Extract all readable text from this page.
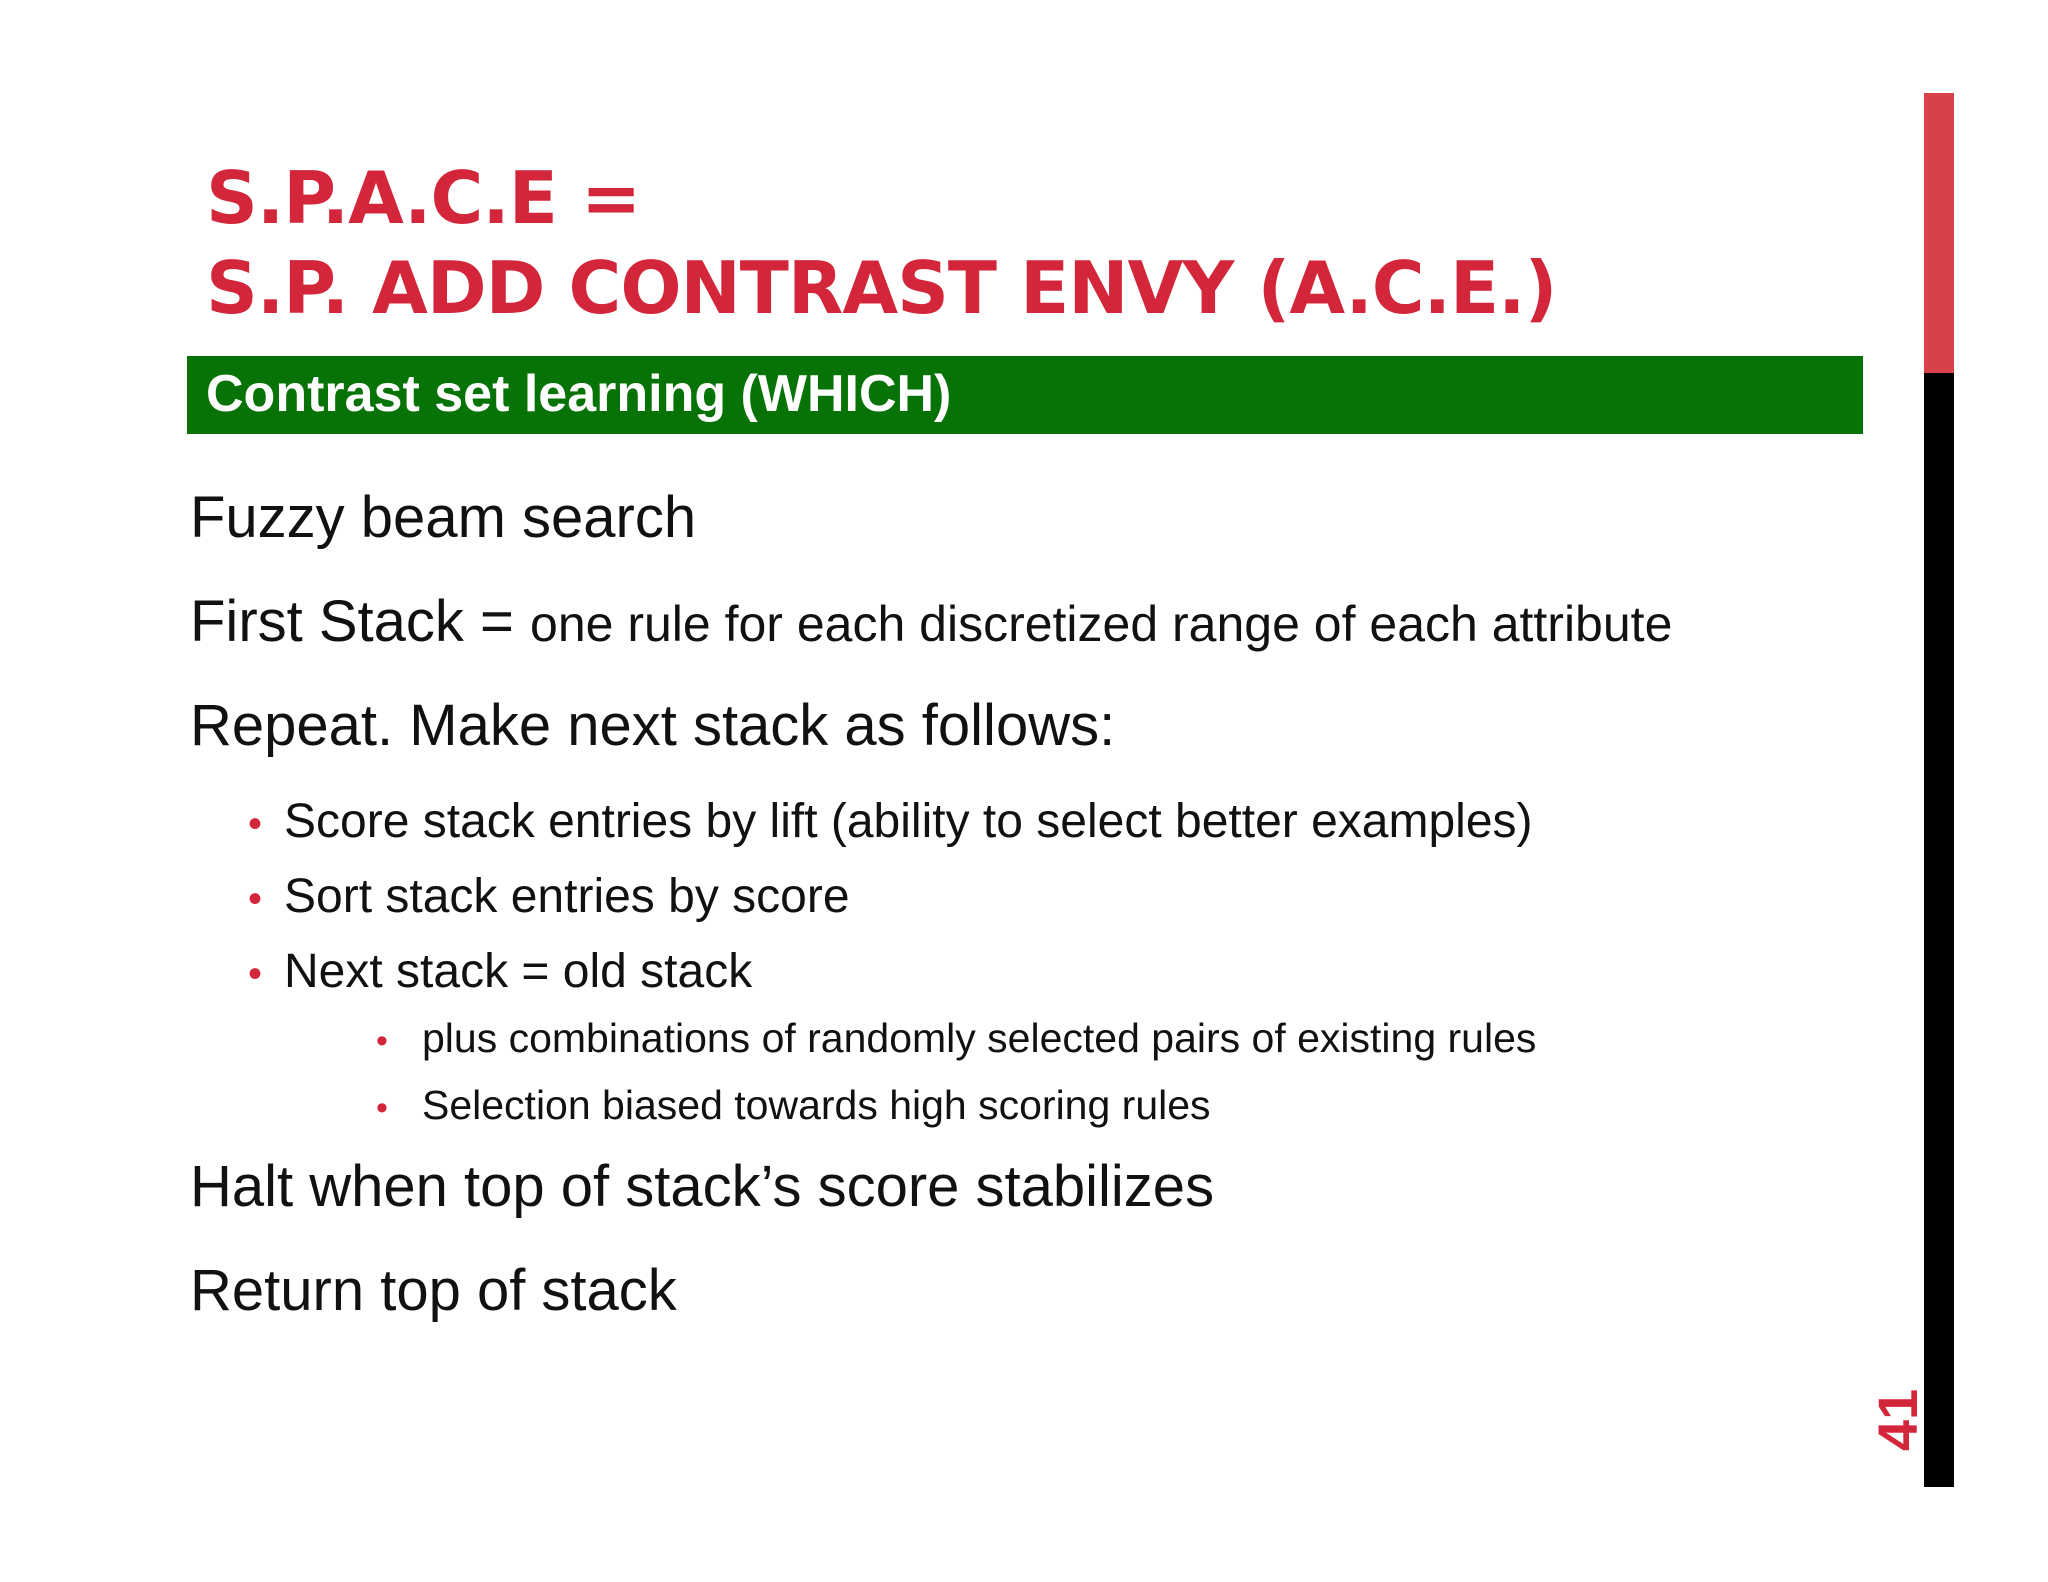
S.P.A.C.E =
S.P. ADD CONTRAST ENVY (A.C.E.)
Contrast set learning (WHICH)
Fuzzy beam search
First Stack = one rule for each discretized range of each attribute
Repeat. Make next stack as follows:
• Score stack entries by lift (ability to select better examples)
• Sort stack entries by score
• Next stack = old stack
• plus combinations of randomly selected pairs of existing rules
• Selection biased towards high scoring rules
Halt when top of stack’s score stabilizes
Return top of stack
41
